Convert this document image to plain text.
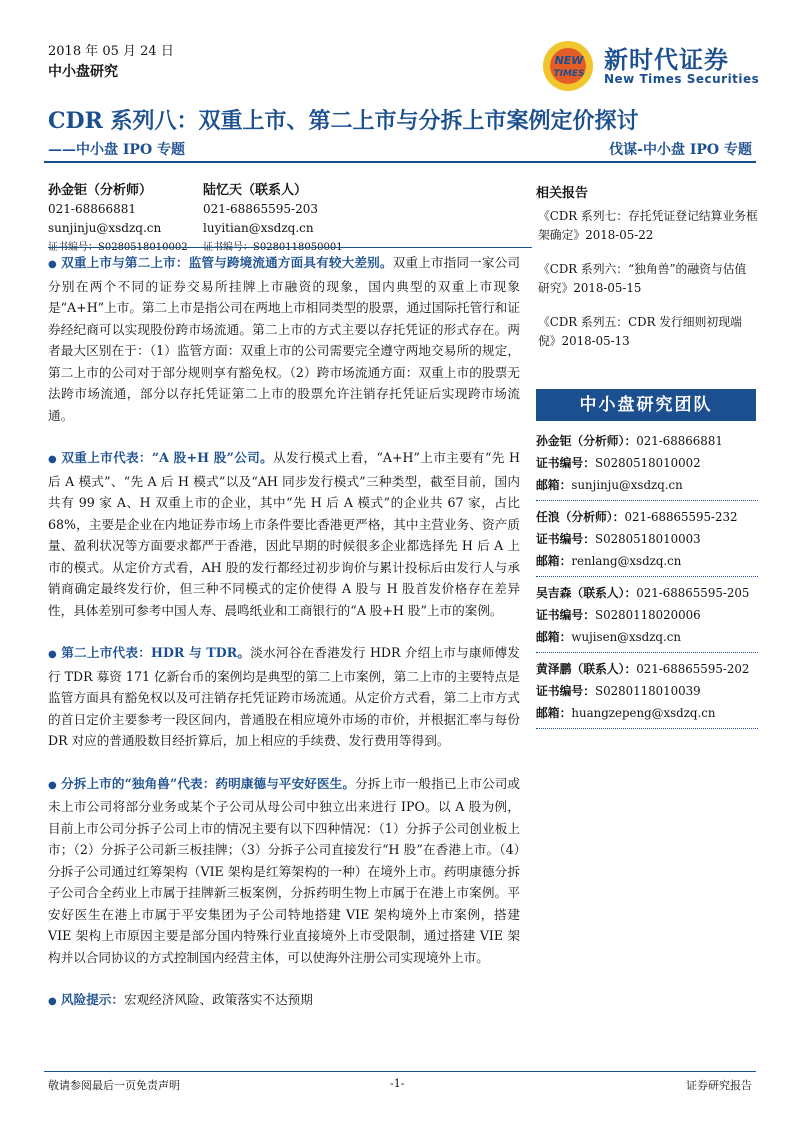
2018 年 05 月 24 日
中小盘研究
NEW
TIMES 新时代证券
New Times Securities
CDR 系列八：双重上市、第二上市与分拆上市案例定价探讨
——中小盘 IPO 专题	伐谋-中小盘 IPO 专题
孙金钜（分析师）
021-68866881
sunjinju@xsdzq.cn
陆忆天（联系人）
021-68865595-203
luyitian@xsdzq.cn

● 双重上市与第二上市：监管与跨境流通方面具有较大差别。双重上市指同一家公司分别在两个不同的证券交易所挂牌上市融资的现象，国内典型的双重上市现象是“A+H”上市。第二上市是指公司在两地上市相同类型的股票，通过国际托管行和证券经纪商可以实现股份跨市场流通。第二上市的方式主要以存托凭证的形式存在。两者最大区别在于：（1）监管方面：双重上市的公司需要完全遵守两地交易所的规定，第二上市的公司对于部分规则享有豁免权。（2）跨市场流通方面：双重上市的股票无法跨市场流通，部分以存托凭证第二上市的股票允许注销存托凭证后实现跨市场流通。

● 双重上市代表：“A 股+H 股”公司。从发行模式上看，“A+H”上市主要有“先 H 后 A 模式”、“先 A 后 H 模式”以及“AH 同步发行模式”三种类型，截至目前，国内共有 99 家 A、H 双重上市的企业，其中“先 H 后 A 模式”的企业共 67 家，占比 68%，主要是企业在内地证券市场上市条件要比香港更严格，其中主营业务、资产质量、盈利状况等方面要求都严于香港，因此早期的时候很多企业都选择先 H 后 A 上市的模式。从定价方式看，AH 股的发行都经过初步询价与累计投标后由发行人与承销商确定最终发行价，但三种不同模式的定价使得 A 股与 H 股首发价格存在差异性，具体差别可参考中国人寿、晨鸣纸业和工商银行的“A 股+H 股”上市的案例。

● 第二上市代表：HDR 与 TDR。淡水河谷在香港发行 HDR 介绍上市与康师傅发行 TDR 募资 171 亿新台币的案例均是典型的第二上市案例，第二上市的主要特点是监管方面具有豁免权以及可注销存托凭证跨市场流通。从定价方式看，第二上市方式的首日定价主要参考一段区间内，普通股在相应境外市场的市价，并根据汇率与每份 DR 对应的普通股数目经折算后，加上相应的手续费、发行费用等得到。

● 分拆上市的“独角兽”代表：药明康德与平安好医生。分拆上市一般指已上市公司或未上市公司将部分业务或某个子公司从母公司中独立出来进行 IPO。以 A 股为例，目前上市公司分拆子公司上市的情况主要有以下四种情况：（1）分拆子公司创业板上市；（2）分拆子公司新三板挂牌；（3）分拆子公司直接发行“H 股”在香港上市。（4）分拆子公司通过红筹架构（VIE 架构是红筹架构的一种）在境外上市。药明康德分拆子公司合全药业上市属于挂牌新三板案例，分拆药明生物上市属于在港上市案例。平安好医生在港上市属于平安集团为子公司特地搭建 VIE 架构境外上市案例，搭建 VIE 架构上市原因主要是部分国内特殊行业直接境外上市受限制，通过搭建 VIE 架构并以合同协议的方式控制国内经营主体，可以使海外注册公司实现境外上市。

● 风险提示：宏观经济风险、政策落实不达预期

相关报告
《CDR 系列七：存托凭证登记结算业务框架确定》2018-05-22
《CDR 系列六：“独角兽”的融资与估值研究》2018-05-15
《CDR 系列五：CDR 发行细则初现端倪》2018-05-13
中小盘研究团队
孙金钜（分析师）：021-68866881
证书编号：S0280518010002
邮箱：sunjinju@xsdzq.cn
任浪（分析师）：021-68865595-232
证书编号：S0280518010003
邮箱：renlang@xsdzq.cn
吴吉森（联系人）：021-68865595-205
证书编号：S0280118020006
邮箱：wujisen@xsdzq.cn
黄泽鹏（联系人）：021-68865595-202
证书编号：S0280118010039
邮箱：huangzepeng@xsdzq.cn
敬请参阅最后一页免责声明	-1-	证券研究报告
